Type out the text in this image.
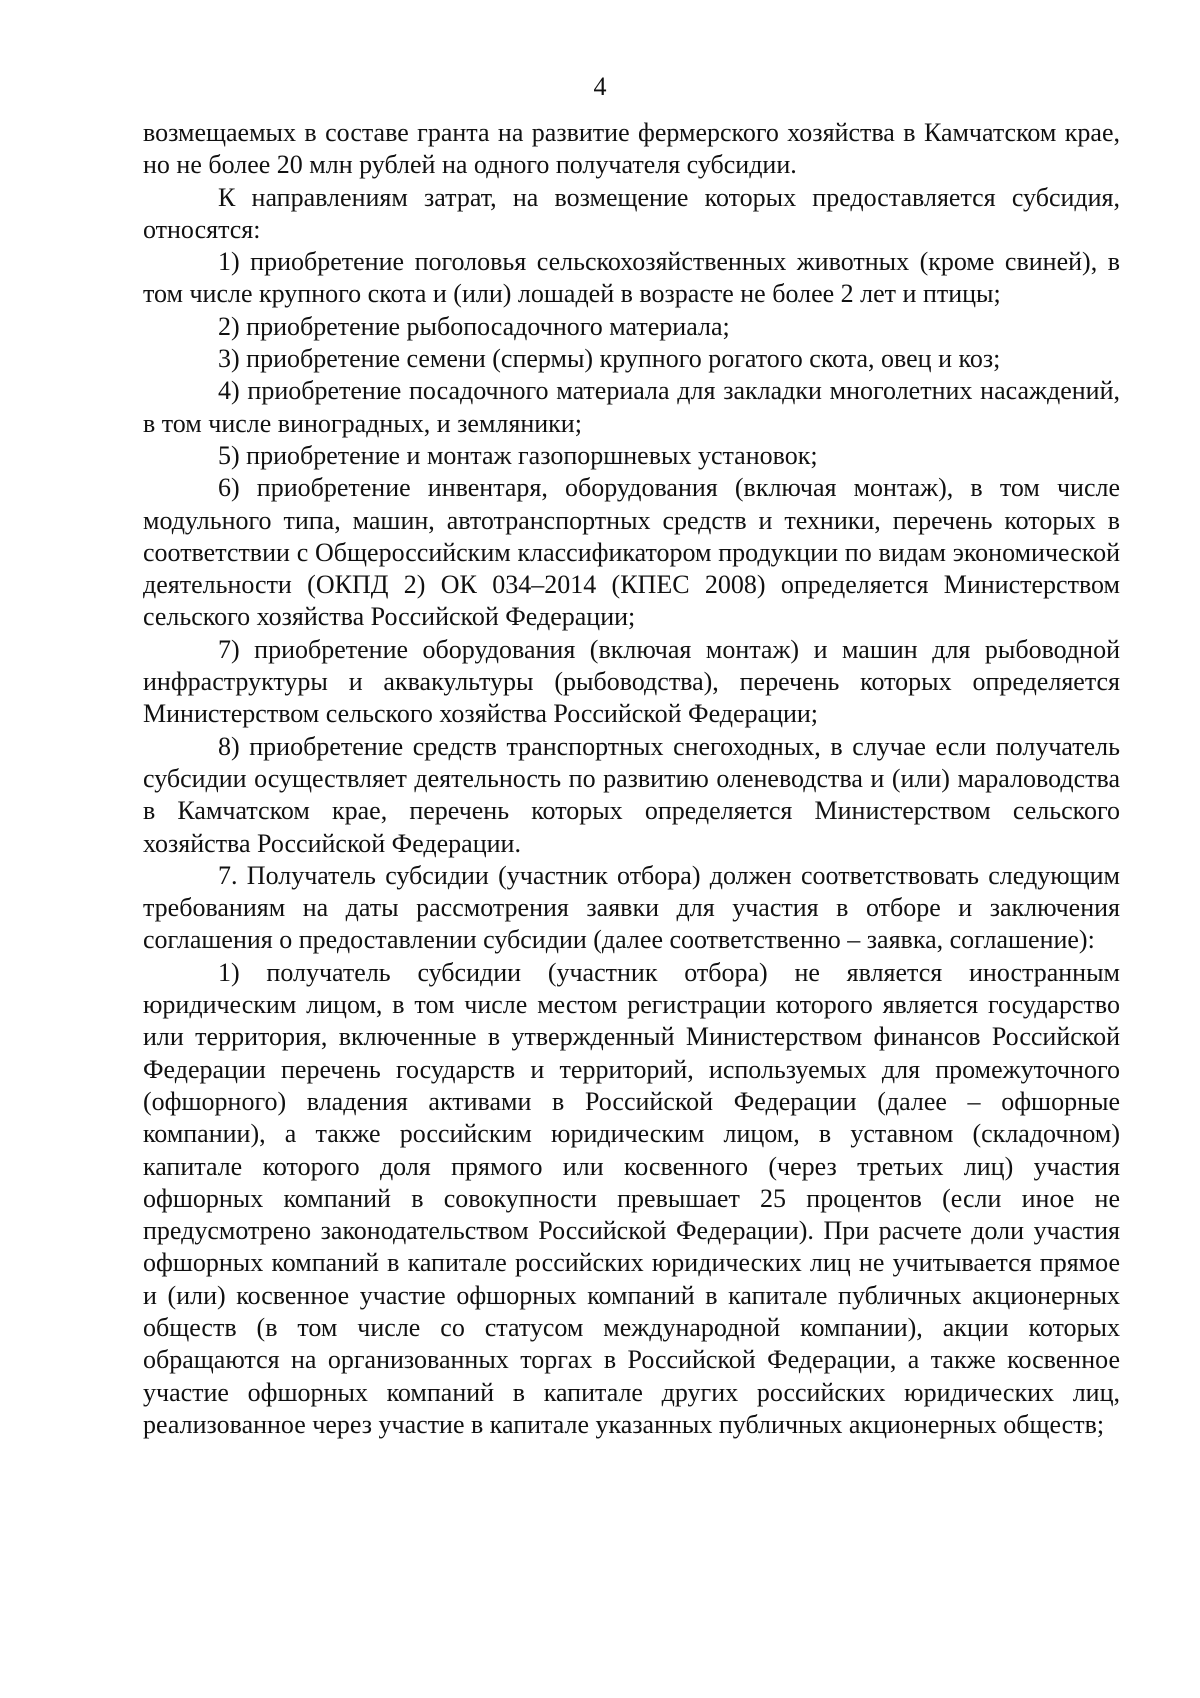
4

возмещаемых в составе гранта на развитие фермерского хозяйства в Камчатском крае, но не более 20 млн рублей на одного получателя субсидии.

К направлениям затрат, на возмещение которых предоставляется субсидия, относятся:

1) приобретение поголовья сельскохозяйственных животных (кроме свиней), в том числе крупного скота и (или) лошадей в возрасте не более 2 лет и птицы;

2) приобретение рыбопосадочного материала;

3) приобретение семени (спермы) крупного рогатого скота, овец и коз;

4) приобретение посадочного материала для закладки многолетних насаждений, в том числе виноградных, и земляники;

5) приобретение и монтаж газопоршневых установок;

6) приобретение инвентаря, оборудования (включая монтаж), в том числе модульного типа, машин, автотранспортных средств и техники, перечень которых в соответствии с Общероссийским классификатором продукции по видам экономической деятельности (ОКПД 2) ОК 034–2014 (КПЕС 2008) определяется Министерством сельского хозяйства Российской Федерации;

7) приобретение оборудования (включая монтаж) и машин для рыбоводной инфраструктуры и аквакультуры (рыбоводства), перечень которых определяется Министерством сельского хозяйства Российской Федерации;

8) приобретение средств транспортных снегоходных, в случае если получатель субсидии осуществляет деятельность по развитию оленеводства и (или) мараловодства в Камчатском крае, перечень которых определяется Министерством сельского хозяйства Российской Федерации.

7. Получатель субсидии (участник отбора) должен соответствовать следующим требованиям на даты рассмотрения заявки для участия в отборе и заключения соглашения о предоставлении субсидии (далее соответственно – заявка, соглашение):

1) получатель субсидии (участник отбора) не является иностранным юридическим лицом, в том числе местом регистрации которого является государство или территория, включенные в утвержденный Министерством финансов Российской Федерации перечень государств и территорий, используемых для промежуточного (офшорного) владения активами в Российской Федерации (далее – офшорные компании), а также российским юридическим лицом, в уставном (складочном) капитале которого доля прямого или косвенного (через третьих лиц) участия офшорных компаний в совокупности превышает 25 процентов (если иное не предусмотрено законодательством Российской Федерации). При расчете доли участия офшорных компаний в капитале российских юридических лиц не учитывается прямое и (или) косвенное участие офшорных компаний в капитале публичных акционерных обществ (в том числе со статусом международной компании), акции которых обращаются на организованных торгах в Российской Федерации, а также косвенное участие офшорных компаний в капитале других российских юридических лиц, реализованное через участие в капитале указанных публичных акционерных обществ;
